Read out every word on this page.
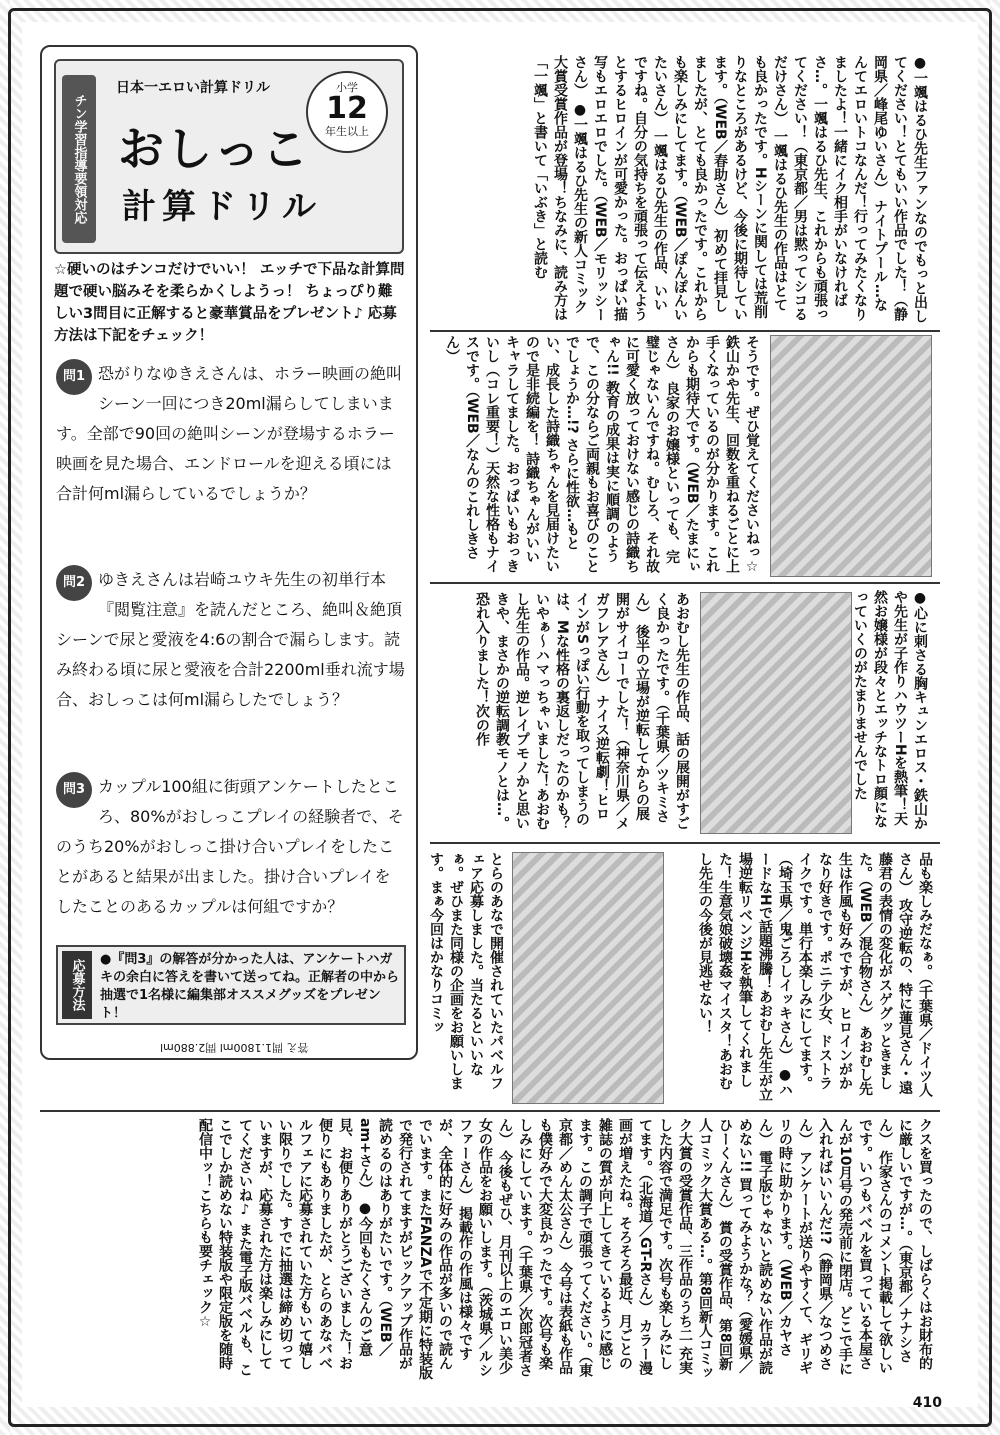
チン学習指導要領対応
日本一エロい計算ドリル
おしっこ
計算ドリル
小学
12
年生以上
☆硬いのはチンコだけでいい！ エッチで下品な計算問題で硬い脳みそを柔らかくしようっ！ ちょっぴり難しい3問目に正解すると豪華賞品をプレゼント♪ 応募方法は下記をチェック！
問1 恐がりなゆきえさんは、ホラー映画の絶叫シーン一回につき20ml漏らしてしまいます。全部で90回の絶叫シーンが登場するホラー映画を見た場合、エンドロールを迎える頃には合計何ml漏らしているでしょうか？
問2 ゆきえさんは岩崎ユウキ先生の初単行本『閲覧注意』を読んだところ、絶叫＆絶頂シーンで尿と愛液を4:6の割合で漏らします。読み終わる頃に尿と愛液を合計2200ml垂れ流す場合、おしっこは何ml漏らしたでしょう？
問3 カップル100組に街頭アンケートしたところ、80%がおしっこプレイの経験者で、そのうち20%がおしっこ掛け合いプレイをしたことがあると結果が出ました。掛け合いプレイをしたことのあるカップルは何組ですか？
応募方法	●『問3』の解答が分かった人は、アンケートハガキの余白に答えを書いて送ってね。正解者の中から抽選で1名様に編集部オススメグッズをプレゼント！
答え 問1.1800ml 問2.880ml
●一颯はるひ先生ファンなのでもっと出してください！とてもいい作品でした！（静岡県／峰尾ゆいさん） ナイトプール…なんてエロいトコなんだ！行ってみたくなりましたよ！一緒にイク相手がいなければさ…。一颯はるひ先生、これからも頑張ってください！（東京都／男は黙ってシコるだけさん） 一颯はるひ先生の作品はとても良かったです。Hシーンに関しては荒削りなところがあるけど、今後に期待しています。（WEB／春助さん） 初めて拝見しましたが、とても良かったです。これからも楽しみにしてます。（WEB／ぽんぽんいたいさん） 一颯はるひ先生の作品、いいですね。自分の気持ちを頑張って伝えようとするヒロインが可愛かった。おっぱい描写もエロエロでした。（WEB／モリッシーさん） ●一颯はるひ先生の新人コミック大賞受賞作品が登場！ちなみに、読み方は「一颯」と書いて「いぶき」と読む
そうです。ぜひ覚えてくださいねっ☆ 鉄山かや先生、回数を重ねるごとに上手くなっているのが分かります。これからも期待大です。（WEB／たまにぃさん） 良家のお嬢様といっても、完璧じゃないんですね。むしろ、それ故に可愛く放っておけない感じの詩織ちゃん!! 教育の成果は実に順調のようで、この分ならご両親もお喜びのことでしょうか…!? さらに性欲…もとい、成長した詩織ちゃんを見届けたいので是非続編を！ 詩織ちゃんがいいキャラしてました。おっぱいもおっきいし（コレ重要！）天然な性格もナイスです。（WEB／なんのこれしきさん）
●心に刺さる胸キュンエロス・鉄山かや先生が子作りハウツーHを熱筆！天然お嬢様が段々とエッチなトロ顔になっていくのがたまりませんでした
あおむし先生の作品、話の展開がすごく良かったです。（千葉県／ツキミさん） 後半の立場が逆転してからの展開がサイコーでした！（神奈川県／メガフレアさん） ナイス逆転劇！ヒロインがSっぽい行動を取ってしまうのは、Mな性格の裏返しだったのかも？ いやぁ～ハマっちゃいました！あおむし先生の作品。逆レイプモノかと思いきや、まさかの逆転調教モノとは…。恐れ入りました！次の作
品も楽しみだなぁ。（千葉県／ドイツ人さん） 攻守逆転の、特に蓮見さん・遠藤君の表情の変化がスゲグッときました。（WEB／混合物さん） あおむし先生は作風も好みですが、ヒロインがかなり好きです。ポニテ少女、ドストライクです。単行本楽しみにしてます。（埼玉県／鬼ごろしイッキさん） ●ハードなHで話題沸騰！あおむし先生が立場逆転リベンジHを執筆してくれました！生意気娘破壊姦マイスタ！あおむし先生の今後が見逃せない！
とらのあなで開催されていたパベルフェア応募しました。当たるといいなぁ。ぜひまた同様の企画をお願いします。まぁ今回はかなりコミッ
クスを買ったので、しばらくはお財布的に厳しいですが…。（東京都／ナナシさん） 作家さんのコメント掲載して欲しいです。いつもバベルを買っている本屋さんが10月号の発売前に閉店。どこで手に入れればいいんだ!?（静岡県／なつめさん） アンケートが送りやすくて、ギリギリの時に助かります。（WEB／カヤさん） 電子版じゃないと読めない作品が読めない!! 買ってみようかな？（愛媛県／ひーくんさん） 賞の受賞作品、第8回新人コミック大賞ある…。第8回新人コミック大賞の受賞作品、三作品のうち二 充実した内容で満足です。次号も楽しみにしてます。（北海道／GT-Rさん） カラー漫画が増えたね。そろそろ最近、月ごとの雑誌の質が向上してきているように感じます。この調子で頑張ってください。（東京都／めん太公さん） 今号は表紙も作品も僕好みで大変良かったです。次号も楽しみにしています。（千葉県／次郎冠者さん） 今後もぜひ、月刊以上のエロい美少女の作品をお願いします。（茨城県／ルシファーさん） 掲載作の作風は様々ですが、全体的に好みの作品が多いので読んでいます。またFANZAで不定期に特装版で発行されてますがピックアップ作品が読めるのはありがたいです。（WEB／am+さん） ●今回もたくさんのご意見、お便りありがとうございました！お便りにもありましたが、とらのあなバベルフェアに応募されていた方もいて嬉しい限りでした。すでに抽選は締め切っていますが、応募された方は楽しみにしててくださいね♪ また電子版バベルも、ここでしか読めない特装版や限定版を随時配信中ッ！こちらも要チェック☆
410
